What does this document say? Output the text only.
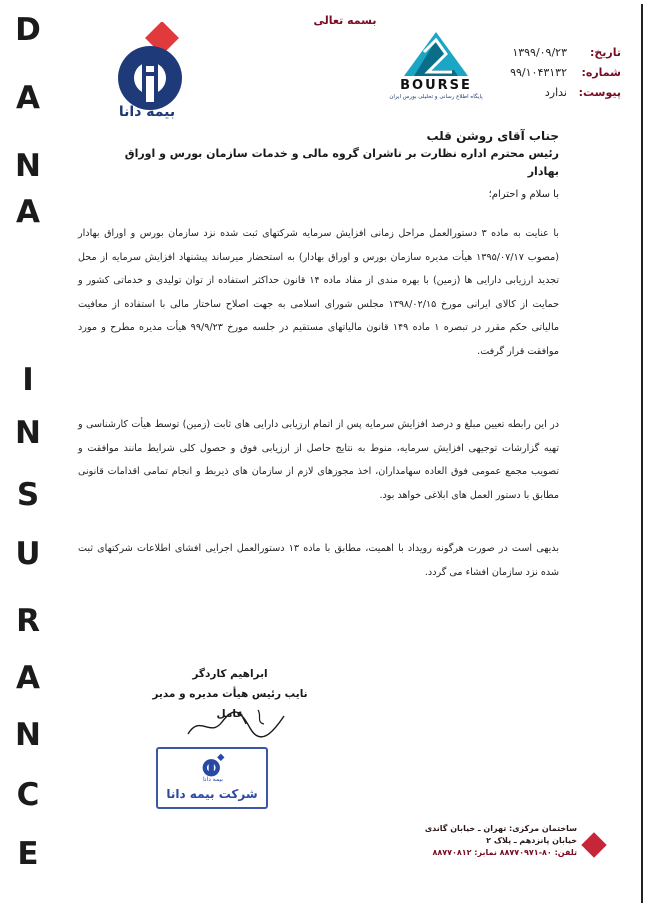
D
A
N
A
I
N
S
U
R
A
N
C
E
بسمه تعالی
بیمه دانا
BOURSE
پایگاه اطلاع رسانی و تحلیلی بورس ایران
تاریخ:
۱۳۹۹/۰۹/۲۳
شماره:
۹۹/۱۰۴۳۱۳۲
پیوست:
ندارد
جناب آقای روشن قلب
رئیس محترم اداره نظارت بر ناشران گروه مالی و خدمات سازمان بورس و اوراق بهادار
با سلام و احترام؛
با عنایت به ماده ۳ دستورالعمل مراحل زمانی افزایش سرمایه شرکتهای ثبت شده نزد سازمان بورس و اوراق بهادار (مصوب ۱۳۹۵/۰۷/۱۷ هیأت مدیره سازمان بورس و اوراق بهادار) به استحضار میرساند پیشنهاد افزایش سرمایه از محل تجدید ارزیابی دارایی ها (زمین) با بهره مندی از مفاد ماده ۱۴ قانون حداکثر استفاده از توان تولیدی و خدماتی کشور و حمایت از کالای ایرانی مورخ ۱۳۹۸/۰۲/۱۵ مجلس شورای اسلامی به جهت اصلاح ساختار مالی با استفاده از معافیت مالیاتی حکم مقرر در تبصره ۱ ماده ۱۴۹ قانون مالیاتهای مستقیم در جلسه مورخ ۹۹/۹/۲۳ هیأت مدیره مطرح و مورد موافقت قرار گرفت.
در این رابطه تعیین مبلغ و درصد افزایش سرمایه پس از اتمام ارزیابی دارایی های ثابت (زمین) توسط هیأت کارشناسی و تهیه گزارشات توجیهی افزایش سرمایه، منوط به نتایج حاصل از ارزیابی فوق و حصول کلی شرایط مانند موافقت و تصویب مجمع عمومی فوق العاده سهامداران، اخذ مجوزهای لازم از سازمان های ذیربط و انجام تمامی اقدامات قانونی مطابق با دستور العمل های ابلاغی خواهد بود.
بدیهی است در صورت هرگونه رویداد با اهمیت، مطابق با ماده ۱۳ دستورالعمل اجرایی افشای اطلاعات شرکتهای ثبت شده نزد سازمان افشاء می گردد.
ابراهیم کاردگر
نایب رئیس هیأت مدیره و مدیر عامل
بیمه دانا
شرکت بیمه دانا
ساختمان مرکزی: تهران ـ خیابان گاندی
خیابان پانزدهم ـ پلاک ۲
تلفن: ۸۰-۸۸۷۷۰۹۷۱ نمابر: ۸۸۷۷۰۸۱۲
